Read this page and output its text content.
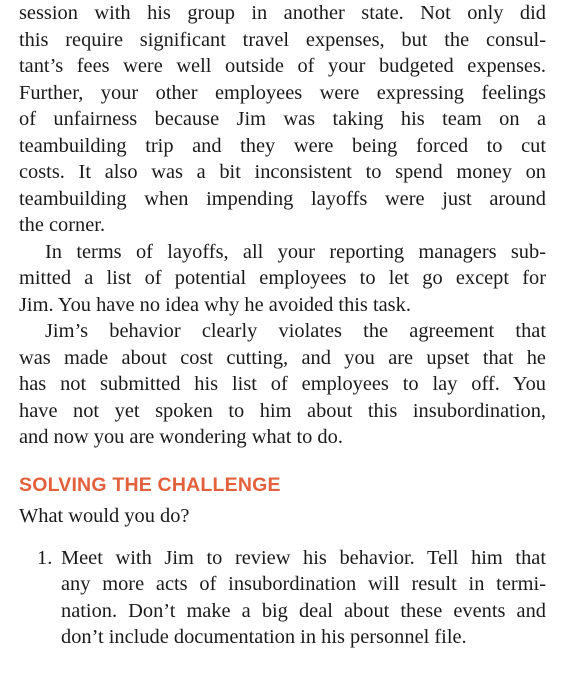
session with his group in another state. Not only did
this require significant travel expenses, but the consul-
tant’s fees were well outside of your budgeted expenses.
Further, your other employees were expressing feelings
of unfairness because Jim was taking his team on a
teambuilding trip and they were being forced to cut
costs. It also was a bit inconsistent to spend money on
teambuilding when impending layoffs were just around
the corner.
In terms of layoffs, all your reporting managers sub-
mitted a list of potential employees to let go except for
Jim. You have no idea why he avoided this task.
Jim’s behavior clearly violates the agreement that
was made about cost cutting, and you are upset that he
has not submitted his list of employees to lay off. You
have not yet spoken to him about this insubordination,
and now you are wondering what to do.
SOLVING THE CHALLENGE
What would you do?
1. Meet with Jim to review his behavior. Tell him that
any more acts of insubordination will result in termi-
nation. Don’t make a big deal about these events and
don’t include documentation in his personnel file.
